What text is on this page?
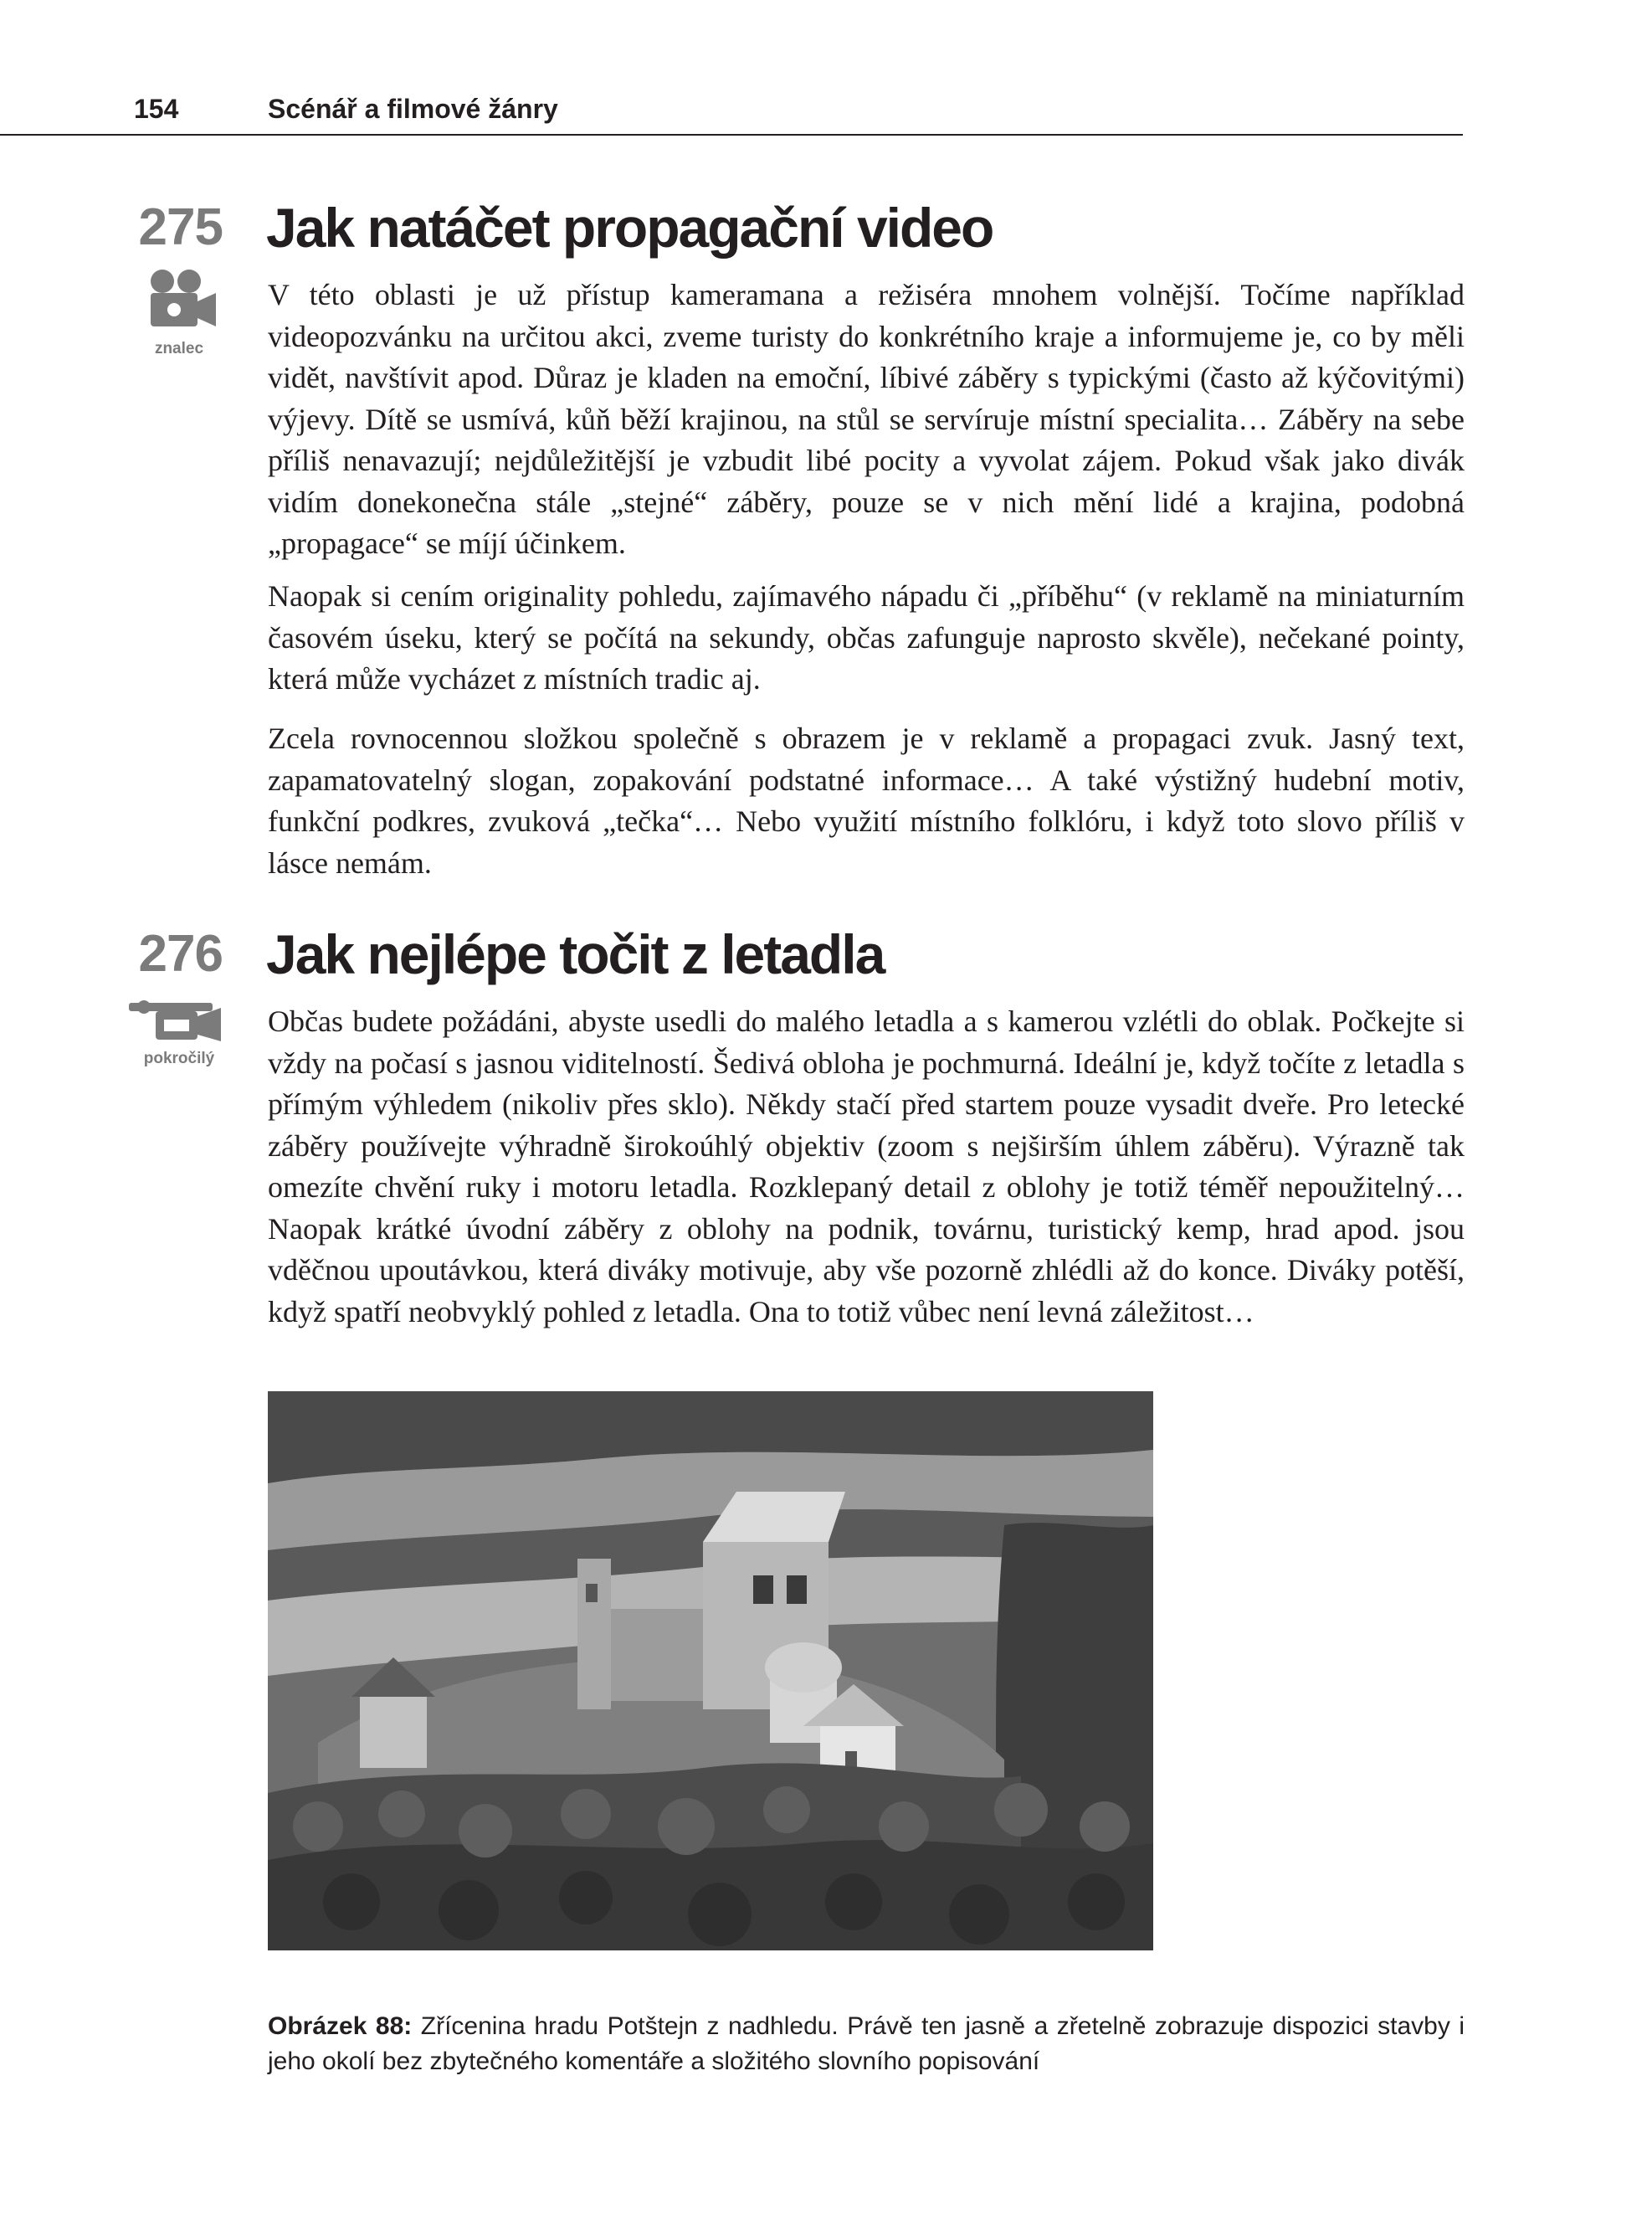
154	Scénář a filmové žánry
275
znalec
Jak natáčet propagační video

V této oblasti je už přístup kameramana a režiséra mnohem volnější. Točíme například videopozvánku na určitou akci, zveme turisty do konkrétního kraje a informujeme je, co by měli vidět, navštívit apod. Důraz je kladen na emoční, líbivé záběry s typickými (často až kýčovitými) výjevy. Dítě se usmívá, kůň běží krajinou, na stůl se servíruje místní specialita… Záběry na sebe příliš nenavazují; nejdůležitější je vzbudit libé pocity a vyvolat zájem. Pokud však jako divák vidím donekonečna stále „stejné“ záběry, pouze se v nich mění lidé a krajina, podobná „propagace“ se míjí účinkem.

Naopak si cením originality pohledu, zajímavého nápadu či „příběhu“ (v reklamě na miniaturním časovém úseku, který se počítá na sekundy, občas zafunguje naprosto skvěle), nečekané pointy, která může vycházet z místních tradic aj.

Zcela rovnocennou složkou společně s obrazem je v reklamě a propagaci zvuk. Jasný text, zapamatovatelný slogan, zopakování podstatné informace… A také výstižný hudební motiv, funkční podkres, zvuková „tečka“… Nebo využití místního folklóru, i když toto slovo příliš v lásce nemám.

276
pokročilý
Jak nejlépe točit z letadla

Občas budete požádáni, abyste usedli do malého letadla a s kamerou vzlétli do oblak. Počkejte si vždy na počasí s jasnou viditelností. Šedivá obloha je pochmurná. Ideální je, když točíte z letadla s přímým výhledem (nikoliv přes sklo). Někdy stačí před startem pouze vysadit dveře. Pro letecké záběry používejte výhradně širokoúhlý objektiv (zoom s nejširším úhlem záběru). Výrazně tak omezíte chvění ruky i motoru letadla. Rozklepaný detail z oblohy je totiž téměř nepoužitelný… Naopak krátké úvodní záběry z oblohy na podnik, továrnu, turistický kemp, hrad apod. jsou vděčnou upoutávkou, která diváky motivuje, aby vše pozorně zhlédli až do konce. Diváky potěší, když spatří neobvyklý pohled z letadla. Ona to totiž vůbec není levná záležitost…

Obrázek 88: Zřícenina hradu Potštejn z nadhledu. Právě ten jasně a zřetelně zobrazuje dispozici stavby i jeho okolí bez zbytečného komentáře a složitého slovního popisování
